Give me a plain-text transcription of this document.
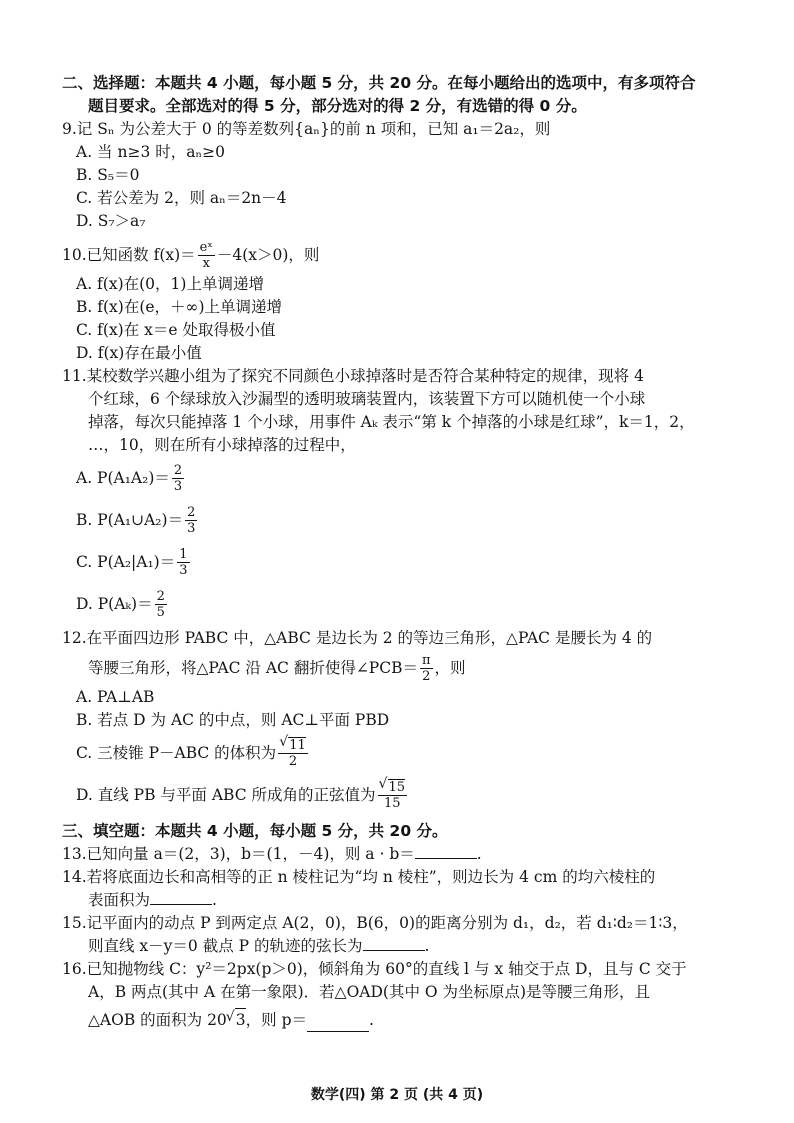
二、选择题：本题共 4 小题，每小题 5 分，共 20 分。在每小题给出的选项中，有多项符合
题目要求。全部选对的得 5 分，部分选对的得 2 分，有选错的得 0 分。
9.记 Sₙ 为公差大于 0 的等差数列{aₙ}的前 n 项和，已知 a₁＝2a₂，则
A. 当 n≥3 时，aₙ≥0
B. S₅＝0
C. 若公差为 2，则 aₙ＝2n－4
D. S₇＞a₇
10.已知函数 $f(x)= \frac{\text{eˣ}}{x} -4(x>0)$，则
A. f(x)在(0，1)上单调递增
B. f(x)在(e，＋∞)上单调递增
C. f(x)在 x＝e 处取得极小值
D. f(x)存在最小值
11.某校数学兴趣小组为了探究不同颜色小球掉落时是否符合某种特定的规律，现将 4
个红球，6 个绿球放入沙漏型的透明玻璃装置内，该装置下方可以随机使一个小球
掉落，每次只能掉落 1 个小球，用事件 Aₖ 表示“第 k 个掉落的小球是红球”，k＝1，2，
…，10，则在所有小球掉落的过程中，
A. $P(A_1A_2)= \frac{2}{3}$
B. P(A₁∪A₂)＝ $\frac{2}{3}$
C. $P(A_2|A_1)= \frac{1}{3}$
D. $P(A_k)= \frac{2}{5}$
12.在平面四边形 PABC 中，△ABC 是边长为 2 的等边三角形，△PAC 是腰长为 4 的
等腰三角形，将△PAC 沿 AC 翻折使得∠PCB＝ $\frac{\pi}{2}$ ，则
A. PA⊥AB
B. 若点 D 为 AC 的中点，则 AC⊥平面 PBD
C. 三棱锥 P－ABC 的体积为 √ $\frac{11}{2}$
D. 直线 PB 与平面 ABC 所成角的正弦值为 √ $\frac{15}{15}$
三、填空题：本题共 4 小题，每小题 5 分，共 20 分。
13.已知向量 a＝(2，3)，b＝(1，－4)，则 a · b＝	.
14.若将底面边长和高相等的正 n 棱柱记为“均 n 棱柱”，则边长为 4 cm 的均六棱柱的
表面积为	.
15.记平面内的动点 P 到两定点 A(2，0)，B(6，0)的距离分别为 d₁，d₂，若 d₁∶d₂＝1∶3，
则直线 x－y＝0 截点 P 的轨迹的弦长为	.
16.已知抛物线 C：y²＝2px(p＞0)，倾斜角为 60°的直线 l 与 x 轴交于点 D，且与 C 交于
A，B 两点(其中 A 在第一象限)．若△OAD(其中 O 为坐标原点)是等腰三角形，且
△AOB 的面积为 20 √ 3 ，则 p＝	.
数学(四) 第 2 页 (共 4 页)
